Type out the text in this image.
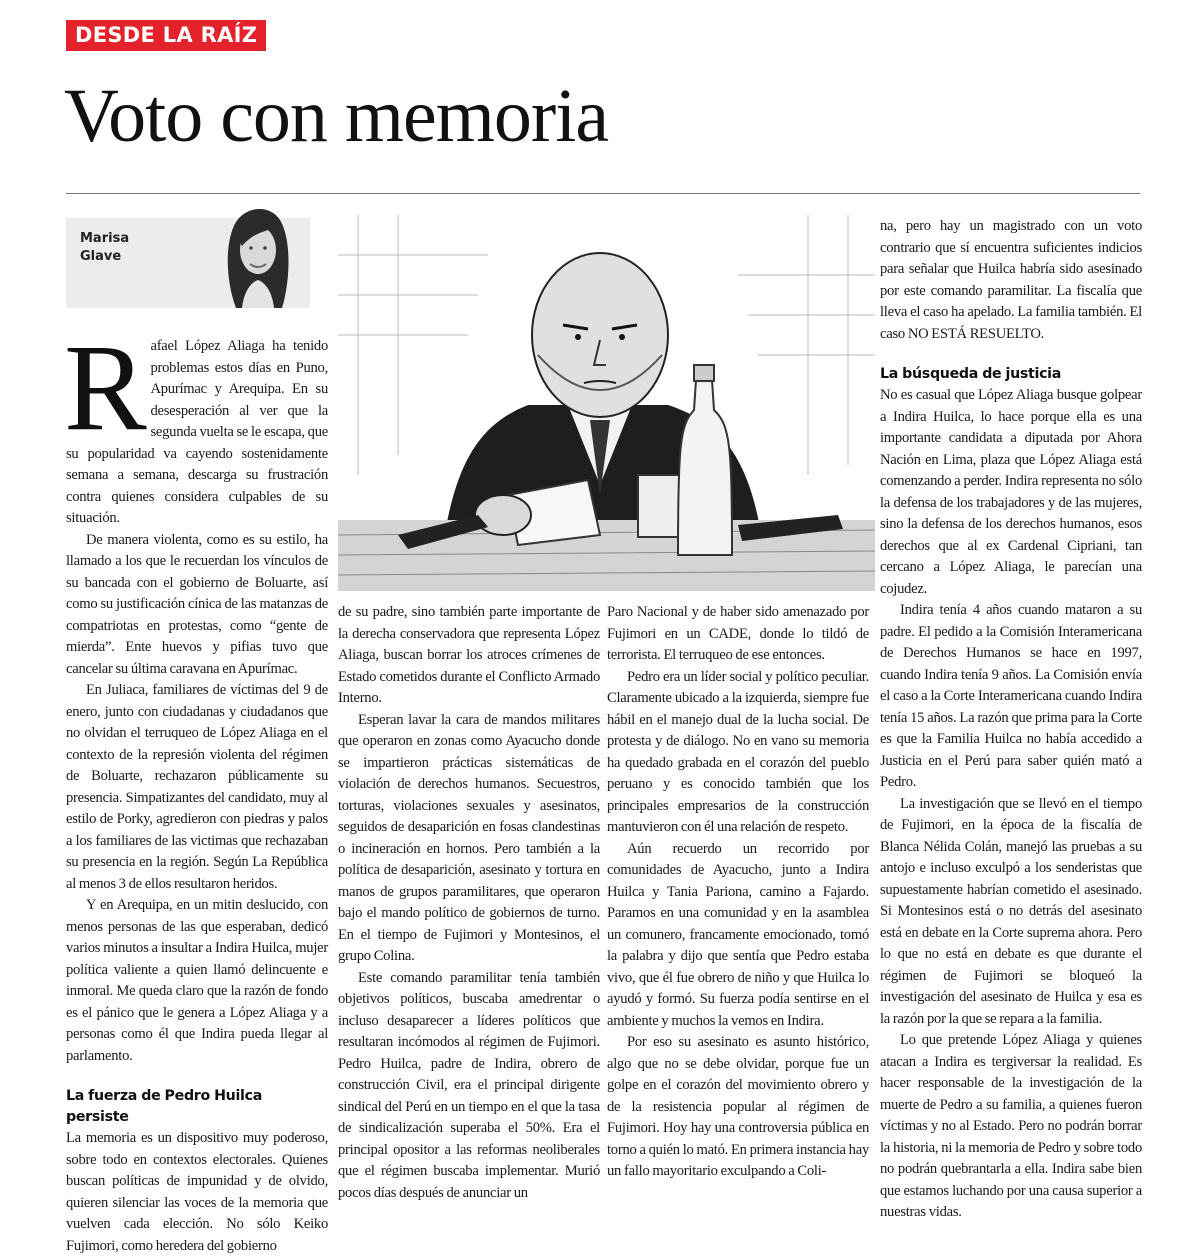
DESDE LA RAÍZ
Voto con memoria
Marisa
Glave

Rafael López Aliaga ha tenido problemas estos días en Puno, Apurímac y Arequipa. En su desesperación al ver que la segunda vuelta se le escapa, que su popularidad va cayendo sostenidamente semana a semana, descarga su frustración contra quienes considera culpables de su situación.

De manera violenta, como es su estilo, ha llamado a los que le recuerdan los vínculos de su bancada con el gobierno de Boluarte, así como su justificación cínica de las matanzas de compatriotas en protestas, como “gente de mierda”. Ente huevos y pifias tuvo que cancelar su última caravana en Apurímac.

En Juliaca, familiares de víctimas del 9 de enero, junto con ciudadanas y ciudadanos que no olvidan el terruqueo de López Aliaga en el contexto de la represión violenta del régimen de Boluarte, rechazaron públicamente su presencia. Simpatizantes del candidato, muy al estilo de Porky, agredieron con piedras y palos a los familiares de las victimas que rechazaban su presencia en la región. Según La República al menos 3 de ellos resultaron heridos.

Y en Arequipa, en un mitin deslucido, con menos personas de las que esperaban, dedicó varios minutos a insultar a Indira Huilca, mujer política valiente a quien llamó delincuente e inmoral. Me queda claro que la razón de fondo es el pánico que le genera a López Aliaga y a personas como él que Indira pueda llegar al parlamento.

La fuerza de Pedro Huilca persiste

La memoria es un dispositivo muy poderoso, sobre todo en contextos electorales. Quienes buscan políticas de impunidad y de olvido, quieren silenciar las voces de la memoria que vuelven cada elección. No sólo Keiko Fujimori, como heredera del gobierno

de su padre, sino también parte importante de la derecha conservadora que representa López Aliaga, buscan borrar los atroces crímenes de Estado cometidos durante el Conflicto Armado Interno.

Esperan lavar la cara de mandos militares que operaron en zonas como Ayacucho donde se impartieron prácticas sistemáticas de violación de derechos humanos. Secuestros, torturas, violaciones sexuales y asesinatos, seguidos de desaparición en fosas clandestinas o incineración en hornos. Pero también a la política de desaparición, asesinato y tortura en manos de grupos paramilitares, que operaron bajo el mando político de gobiernos de turno. En el tiempo de Fujimori y Montesinos, el grupo Colina.

Este comando paramilitar tenía también objetivos políticos, buscaba amedrentar o incluso desaparecer a líderes políticos que resultaran incómodos al régimen de Fujimori. Pedro Huilca, padre de Indira, obrero de construcción Civil, era el principal dirigente sindical del Perú en un tiempo en el que la tasa de sindicalización superaba el 50%. Era el principal opositor a las reformas neoliberales que el régimen buscaba implementar. Murió pocos días después de anunciar un

Paro Nacional y de haber sido amenazado por Fujimori en un CADE, donde lo tildó de terrorista. El terruqueo de ese entonces.

Pedro era un líder social y político peculiar. Claramente ubicado a la izquierda, siempre fue hábil en el manejo dual de la lucha social. De protesta y de diálogo. No en vano su memoria ha quedado grabada en el corazón del pueblo peruano y es conocido también que los principales empresarios de la construcción mantuvieron con él una relación de respeto.

Aún recuerdo un recorrido por comunidades de Ayacucho, junto a Indira Huilca y Tania Pariona, camino a Fajardo. Paramos en una comunidad y en la asamblea un comunero, francamente emocionado, tomó la palabra y dijo que sentía que Pedro estaba vivo, que él fue obrero de niño y que Huilca lo ayudó y formó. Su fuerza podía sentirse en el ambiente y muchos la vemos en Indira.

Por eso su asesinato es asunto histórico, algo que no se debe olvidar, porque fue un golpe en el corazón del movimiento obrero y de la resistencia popular al régimen de Fujimori. Hoy hay una controversia pública en torno a quién lo mató. En primera instancia hay un fallo mayoritario exculpando a Coli-

na, pero hay un magistrado con un voto contrario que sí encuentra suficientes indicios para señalar que Huilca habría sido asesinado por este comando paramilitar. La fiscalía que lleva el caso ha apelado. La familia también. El caso NO ESTÁ RESUELTO.

La búsqueda de justicia

No es casual que López Aliaga busque golpear a Indira Huilca, lo hace porque ella es una importante candidata a diputada por Ahora Nación en Lima, plaza que López Aliaga está comenzando a perder. Indira representa no sólo la defensa de los trabajadores y de las mujeres, sino la defensa de los derechos humanos, esos derechos que al ex Cardenal Cipriani, tan cercano a López Aliaga, le parecían una cojudez.

Indira tenía 4 años cuando mataron a su padre. El pedido a la Comisión Interamericana de Derechos Humanos se hace en 1997, cuando Indira tenía 9 años. La Comisión envía el caso a la Corte Interamericana cuando Indira tenía 15 años. La razón que prima para la Corte es que la Familia Huilca no había accedido a Justicia en el Perú para saber quién mató a Pedro.

La investigación que se llevó en el tiempo de Fujimori, en la época de la fiscalía de Blanca Nélida Colán, manejó las pruebas a su antojo e incluso exculpó a los senderistas que supuestamente habrían cometido el asesinado. Si Montesinos está o no detrás del asesinato está en debate en la Corte suprema ahora. Pero lo que no está en debate es que durante el régimen de Fujimori se bloqueó la investigación del asesinato de Huilca y esa es la razón por la que se repara a la familia.

Lo que pretende López Aliaga y quienes atacan a Indira es tergiversar la realidad. Es hacer responsable de la investigación de la muerte de Pedro a su familia, a quienes fueron víctimas y no al Estado. Pero no podrán borrar la historia, ni la memoria de Pedro y sobre todo no podrán quebrantarla a ella. Indira sabe bien que estamos luchando por una causa superior a nuestras vidas.
